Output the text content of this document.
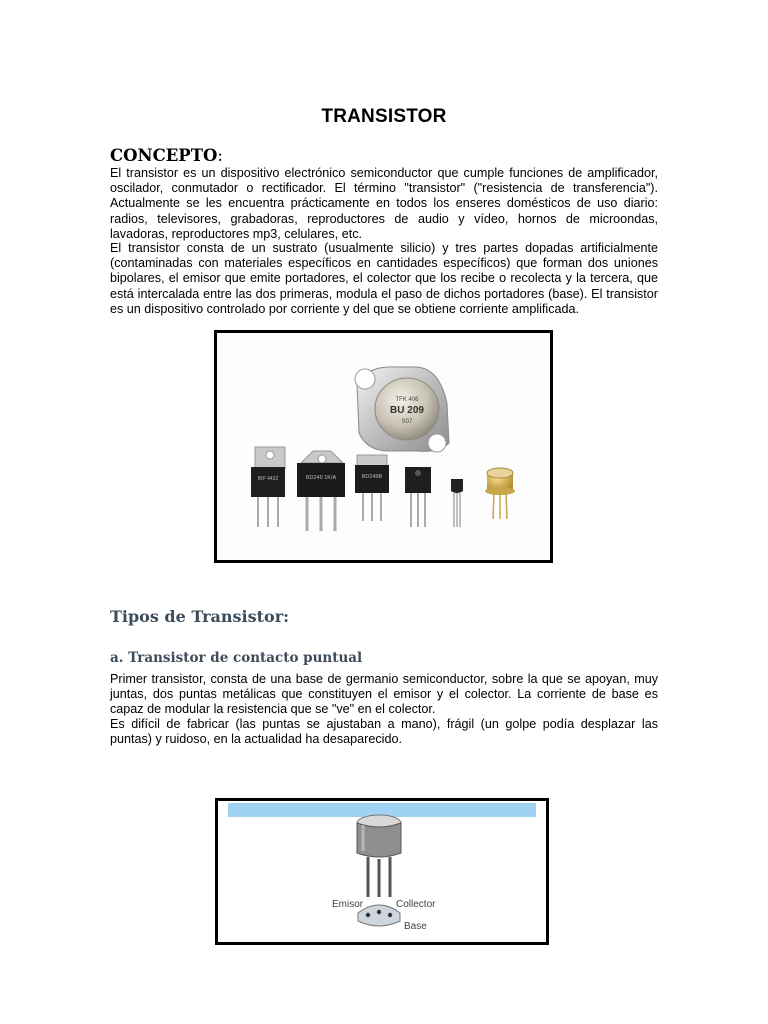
TRANSISTOR
CONCEPTO:
El transistor es un dispositivo electrónico semiconductor que cumple funciones de amplificador, oscilador, conmutador o rectificador. El término "transistor" ("resistencia de transferencia"). Actualmente se les encuentra prácticamente en todos los enseres domésticos de uso diario: radios, televisores, grabadoras, reproductores de audio y vídeo, hornos de microondas, lavadoras, reproductores mp3, celulares, etc.
El transistor consta de un sustrato (usualmente silicio) y tres partes dopadas artificialmente (contaminadas con materiales específicos en cantidades específicos) que forman dos uniones bipolares, el emisor que emite portadores, el colector que los recibe o recolecta y la tercera, que está intercalada entre las dos primeras, modula el paso de dichos portadores (base). El transistor es un dispositivo controlado por corriente y del que se obtiene corriente amplificada.
TFK 406
BU 209
S07
BIP 4432	BD249 1K/A	BD249B
Tipos de Transistor:
a. Transistor de contacto puntual
Primer transistor, consta de una base de germanio semiconductor, sobre la que se apoyan, muy juntas, dos puntas metálicas que constituyen el emisor y el colector. La corriente de base es capaz de modular la resistencia que se "ve" en el colector.
Es difícil de fabricar (las puntas se ajustaban a mano), frágil (un golpe podía desplazar las puntas) y ruidoso, en la actualidad ha desaparecido.
Emisor	Collector
Base
